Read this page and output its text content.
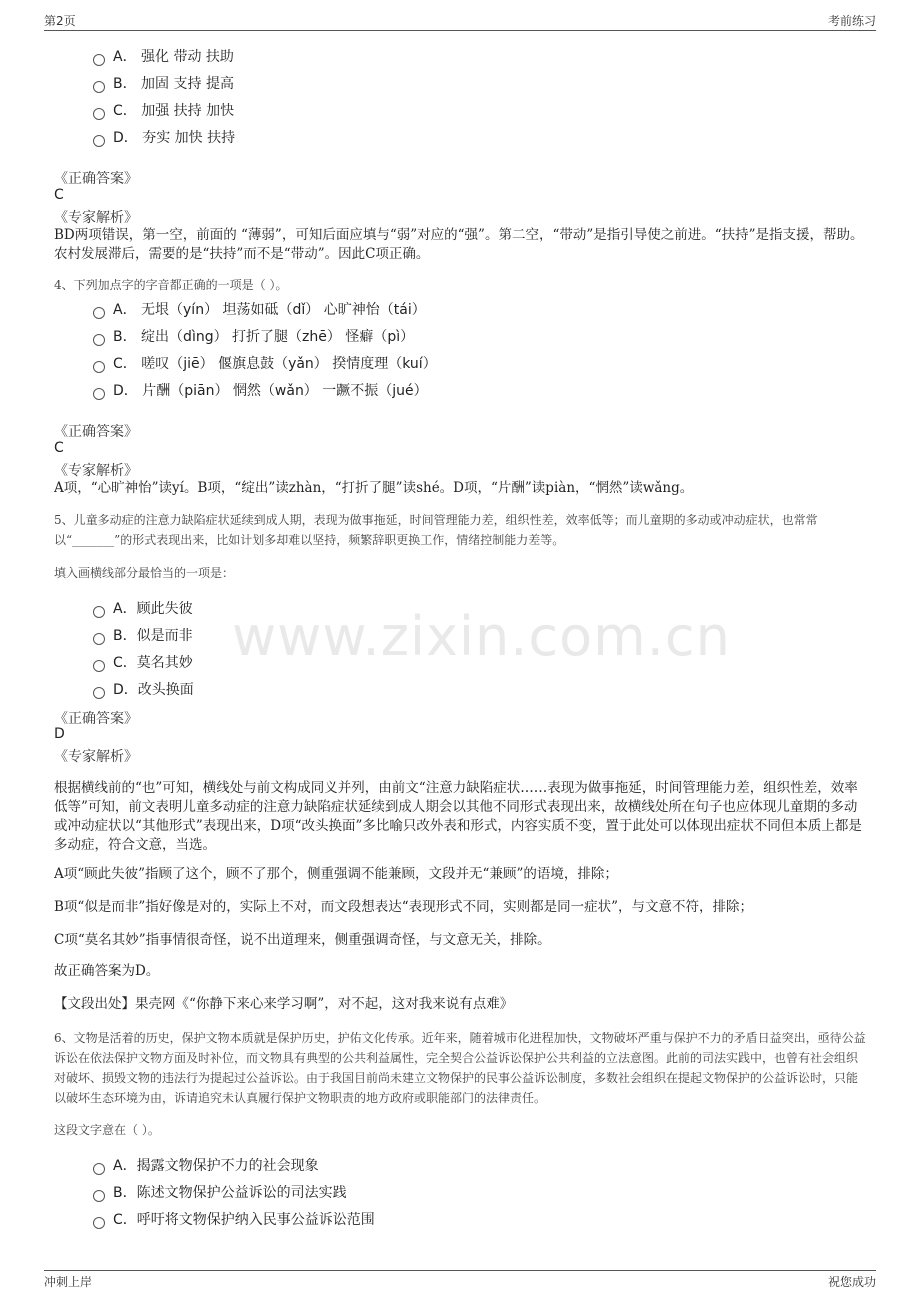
第2页	考前练习
www.zixin.com.cn
A． 强化 带动 扶助
B． 加固 支持 提高
C． 加强 扶持 加快
D． 夯实 加快 扶持
《正确答案》
C
《专家解析》
BD两项错误，第一空，前面的 “薄弱”，可知后面应填与“弱”对应的“强”。第二空，“带动”是指引导使之前进。“扶持”是指支援，帮助。农村发展滞后，需要的是“扶持”而不是“带动”。因此C项正确。
4、下列加点字的字音都正确的一项是（ ）。
A． 无垠（yín） 坦荡如砥（dǐ） 心旷神怡（tái）
B． 绽出（dìng） 打折了腿（zhē） 怪癖（pì）
C． 嗟叹（jiē） 偃旗息鼓（yǎn） 揆情度理（kuí）
D． 片酬（piān） 惘然（wǎn） 一蹶不振（jué）
《正确答案》
C
《专家解析》
A项，“心旷神怡”读yí。B项，“绽出”读zhàn，“打折了腿”读shé。D项，“片酬”读piàn，“惘然”读wǎng。
5、儿童多动症的注意力缺陷症状延续到成人期，表现为做事拖延，时间管理能力差，组织性差，效率低等；而儿童期的多动或冲动症状，也常常以“_______”的形式表现出来，比如计划多却难以坚持，频繁辞职更换工作，情绪控制能力差等。
填入画横线部分最恰当的一项是：
A．顾此失彼
B．似是而非
C．莫名其妙
D．改头换面
《正确答案》
D
《专家解析》
根据横线前的“也”可知，横线处与前文构成同义并列，由前文“注意力缺陷症状……表现为做事拖延，时间管理能力差，组织性差，效率低等”可知，前文表明儿童多动症的注意力缺陷症状延续到成人期会以其他不同形式表现出来，故横线处所在句子也应体现儿童期的多动或冲动症状以“其他形式”表现出来，D项“改头换面”多比喻只改外表和形式，内容实质不变，置于此处可以体现出症状不同但本质上都是多动症，符合文意，当选。
A项“顾此失彼”指顾了这个，顾不了那个，侧重强调不能兼顾，文段并无“兼顾”的语境，排除；
B项“似是而非”指好像是对的，实际上不对，而文段想表达“表现形式不同，实则都是同一症状”，与文意不符，排除；
C项“莫名其妙”指事情很奇怪，说不出道理来，侧重强调奇怪，与文意无关，排除。
故正确答案为D。
【文段出处】果壳网《“你静下来心来学习啊”，对不起，这对我来说有点难》
6、文物是活着的历史，保护文物本质就是保护历史，护佑文化传承。近年来，随着城市化进程加快，文物破坏严重与保护不力的矛盾日益突出，亟待公益诉讼在依法保护文物方面及时补位，而文物具有典型的公共利益属性，完全契合公益诉讼保护公共利益的立法意图。此前的司法实践中，也曾有社会组织对破坏、损毁文物的违法行为提起过公益诉讼。由于我国目前尚未建立文物保护的民事公益诉讼制度，多数社会组织在提起文物保护的公益诉讼时，只能以破坏生态环境为由，诉请追究未认真履行保护文物职责的地方政府或职能部门的法律责任。
这段文字意在（ ）。
A．揭露文物保护不力的社会现象
B．陈述文物保护公益诉讼的司法实践
C．呼吁将文物保护纳入民事公益诉讼范围
冲刺上岸	祝您成功
